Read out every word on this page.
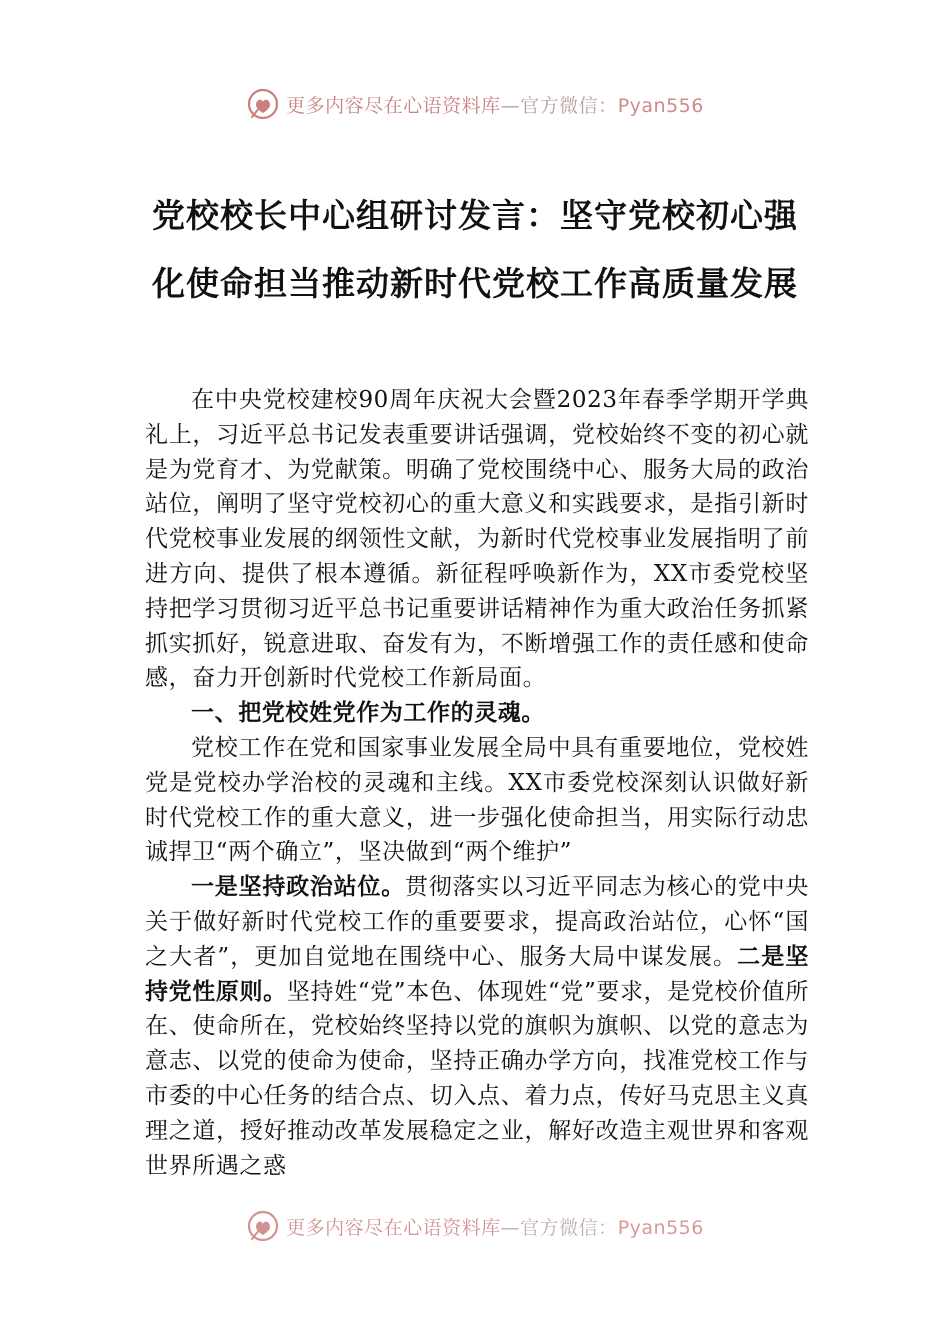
更多内容尽在心语资料库—官方微信：Pyan556
党校校长中心组研讨发言：坚守党校初心强化使命担当推动新时代党校工作高质量发展

在中央党校建校90周年庆祝大会暨2023年春季学期开学典礼上，习近平总书记发表重要讲话强调，党校始终不变的初心就是为党育才、为党献策。明确了党校围绕中心、服务大局的政治站位，阐明了坚守党校初心的重大意义和实践要求，是指引新时代党校事业发展的纲领性文献，为新时代党校事业发展指明了前进方向、提供了根本遵循。新征程呼唤新作为，XX市委党校坚持把学习贯彻习近平总书记重要讲话精神作为重大政治任务抓紧抓实抓好，锐意进取、奋发有为，不断增强工作的责任感和使命感，奋力开创新时代党校工作新局面。

一、把党校姓党作为工作的灵魂。

党校工作在党和国家事业发展全局中具有重要地位，党校姓党是党校办学治校的灵魂和主线。XX市委党校深刻认识做好新时代党校工作的重大意义，进一步强化使命担当，用实际行动忠诚捍卫“两个确立”，坚决做到“两个维护”

一是坚持政治站位。贯彻落实以习近平同志为核心的党中央关于做好新时代党校工作的重要要求，提高政治站位，心怀“国之大者”，更加自觉地在围绕中心、服务大局中谋发展。二是坚持党性原则。坚持姓“党”本色、体现姓“党”要求，是党校价值所在、使命所在，党校始终坚持以党的旗帜为旗帜、以党的意志为意志、以党的使命为使命，坚持正确办学方向，找准党校工作与市委的中心任务的结合点、切入点、着力点，传好马克思主义真理之道，授好推动改革发展稳定之业，解好改造主观世界和客观世界所遇之惑

更多内容尽在心语资料库—官方微信：Pyan556
